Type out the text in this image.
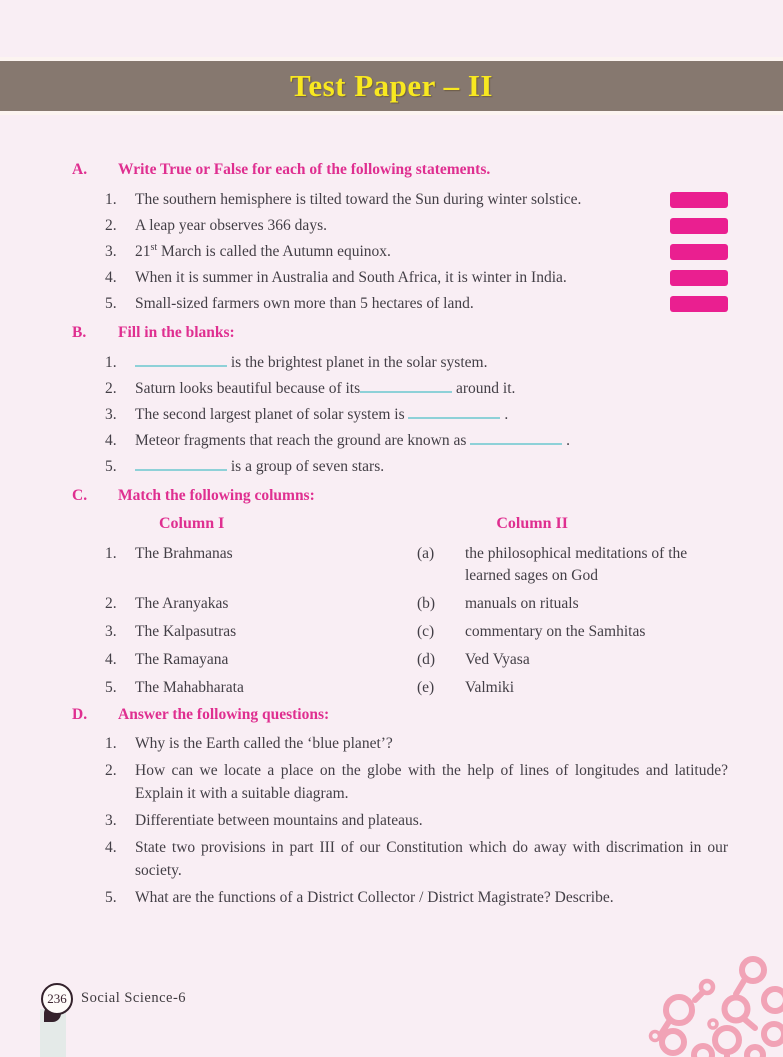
Test Paper – II
A.	Write True or False for each of the following statements.
1.	The southern hemisphere is tilted toward the Sun during winter solstice.
2.	A leap year observes 366 days.
3.	21st March is called the Autumn equinox.
4.	When it is summer in Australia and South Africa, it is winter in India.
5.	Small-sized farmers own more than 5 hectares of land.
B.	Fill in the blanks:
1.	is the brightest planet in the solar system.
2.	Saturn looks beautiful because of its	around it.
3.	The second largest planet of solar system is	.
4.	Meteor fragments that reach the ground are known as	.
5.	is a group of seven stars.
C.	Match the following columns:
Column I	Column II
1.	The Brahmanas	(a)	the philosophical meditations of the learned sages on God
2.	The Aranyakas	(b)	manuals on rituals
3.	The Kalpasutras	(c)	commentary on the Samhitas
4.	The Ramayana	(d)	Ved Vyasa
5.	The Mahabharata	(e)	Valmiki
D.	Answer the following questions:
1.	Why is the Earth called the ‘blue planet’?
2.	How can we locate a place on the globe with the help of lines of longitudes and latitude? Explain it with a suitable diagram.
3.	Differentiate between mountains and plateaus.
4.	State two provisions in part III of our Constitution which do away with discrimation in our society.
5.	What are the functions of a District Collector / District Magistrate? Describe.
236 Social Science-6
